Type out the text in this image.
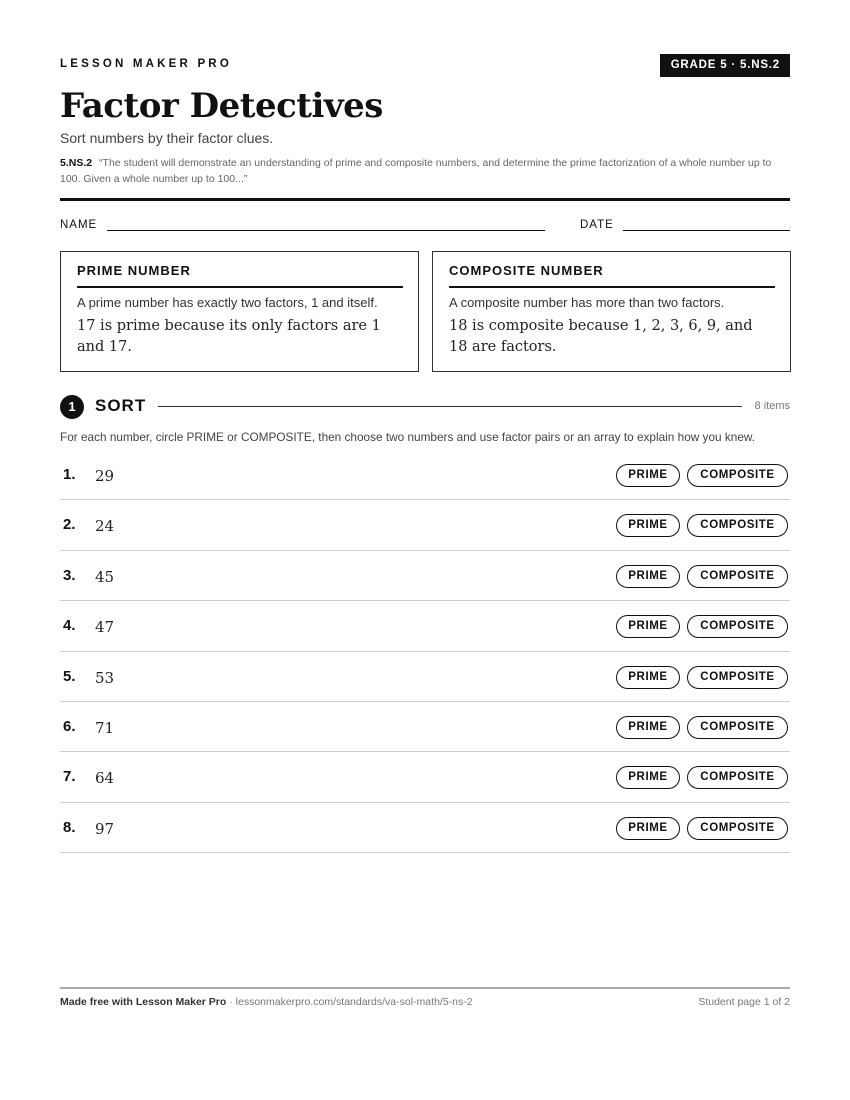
LESSON MAKER PRO	GRADE 5 · 5.NS.2
Factor Detectives
Sort numbers by their factor clues.
5.NS.2 “The student will demonstrate an understanding of prime and composite numbers, and determine the prime factorization of a whole number up to 100. Given a whole number up to 100...”
NAME	DATE
PRIME NUMBER
A prime number has exactly two factors, 1 and itself.
17 is prime because its only factors are 1 and 17.
COMPOSITE NUMBER
A composite number has more than two factors.
18 is composite because 1, 2, 3, 6, 9, and 18 are factors.
1	SORT	8 items
For each number, circle PRIME or COMPOSITE, then choose two numbers and use factor pairs or an array to explain how you knew.
1. 29	PRIME	COMPOSITE
2. 24	PRIME	COMPOSITE
3. 45	PRIME	COMPOSITE
4. 47	PRIME	COMPOSITE
5. 53	PRIME	COMPOSITE
6. 71	PRIME	COMPOSITE
7. 64	PRIME	COMPOSITE
8. 97	PRIME	COMPOSITE
Made free with Lesson Maker Pro · lessonmakerpro.com/standards/va-sol-math/5-ns-2	Student page 1 of 2
